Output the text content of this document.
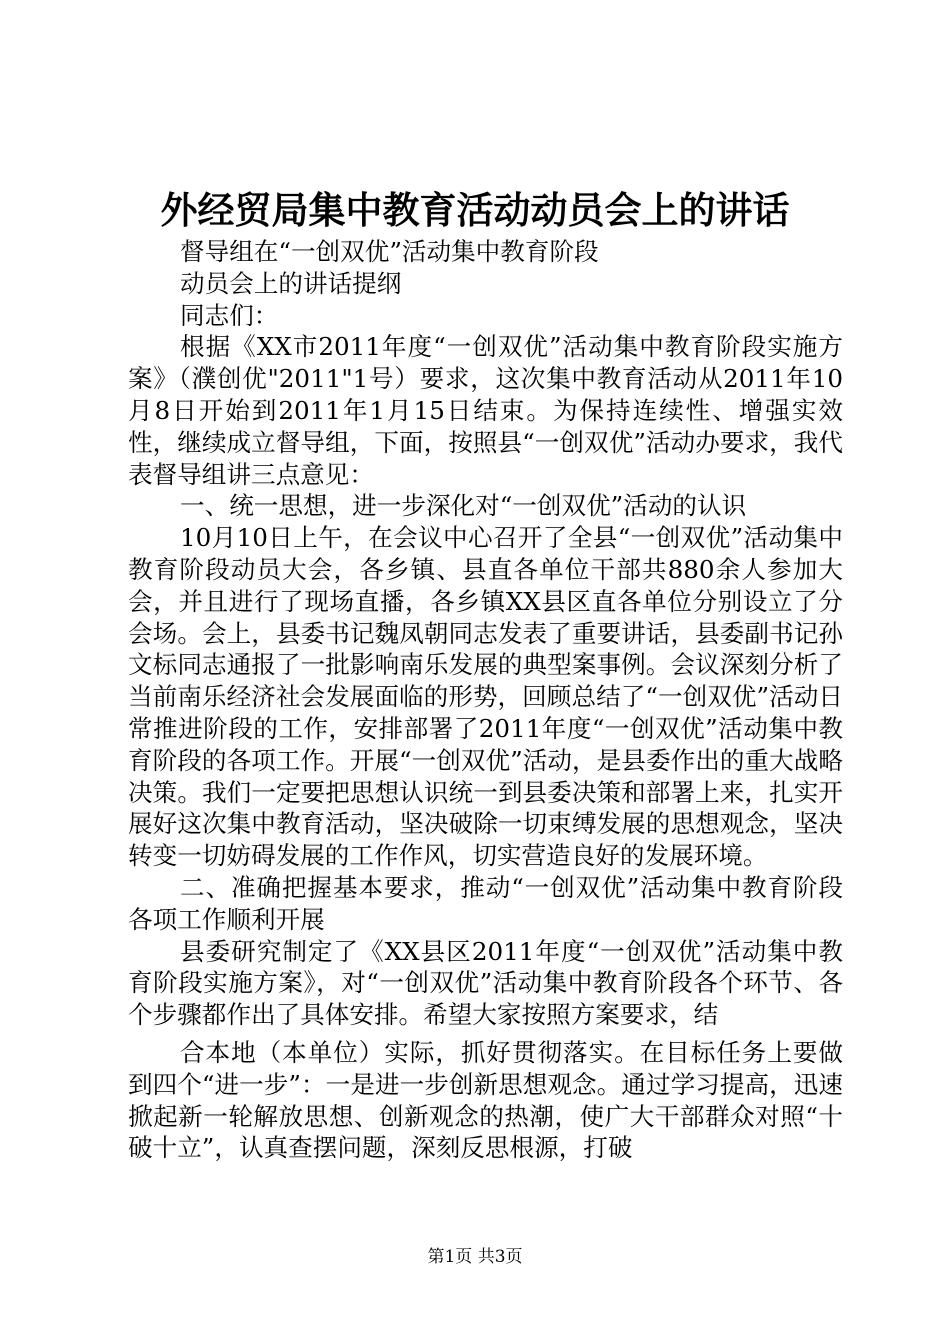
外经贸局集中教育活动动员会上的讲话

督导组在“一创双优”活动集中教育阶段

动员会上的讲话提纲

同志们：

根据《XX市2011年度“一创双优”活动集中教育阶段实施方案》（濮创优"2011"1号）要求，这次集中教育活动从2011年10月8日开始到2011年1月15日结束。为保持连续性、增强实效性，继续成立督导组，下面，按照县“一创双优”活动办要求，我代表督导组讲三点意见：

一、统一思想，进一步深化对“一创双优”活动的认识

10月10日上午，在会议中心召开了全县“一创双优”活动集中教育阶段动员大会，各乡镇、县直各单位干部共880余人参加大会，并且进行了现场直播，各乡镇XX县区直各单位分别设立了分会场。会上，县委书记魏凤朝同志发表了重要讲话，县委副书记孙文标同志通报了一批影响南乐发展的典型案事例。会议深刻分析了当前南乐经济社会发展面临的形势，回顾总结了“一创双优”活动日常推进阶段的工作，安排部署了2011年度“一创双优”活动集中教育阶段的各项工作。开展“一创双优”活动，是县委作出的重大战略决策。我们一定要把思想认识统一到县委决策和部署上来，扎实开展好这次集中教育活动，坚决破除一切束缚发展的思想观念，坚决转变一切妨碍发展的工作作风，切实营造良好的发展环境。

二、准确把握基本要求，推动“一创双优”活动集中教育阶段各项工作顺利开展

县委研究制定了《XX县区2011年度“一创双优”活动集中教育阶段实施方案》，对“一创双优”活动集中教育阶段各个环节、各个步骤都作出了具体安排。希望大家按照方案要求，结

合本地（本单位）实际，抓好贯彻落实。在目标任务上要做到四个“进一步”：一是进一步创新思想观念。通过学习提高，迅速掀起新一轮解放思想、创新观念的热潮，使广大干部群众对照“十破十立”，认真查摆问题，深刻反思根源，打破

第1页 共3页
